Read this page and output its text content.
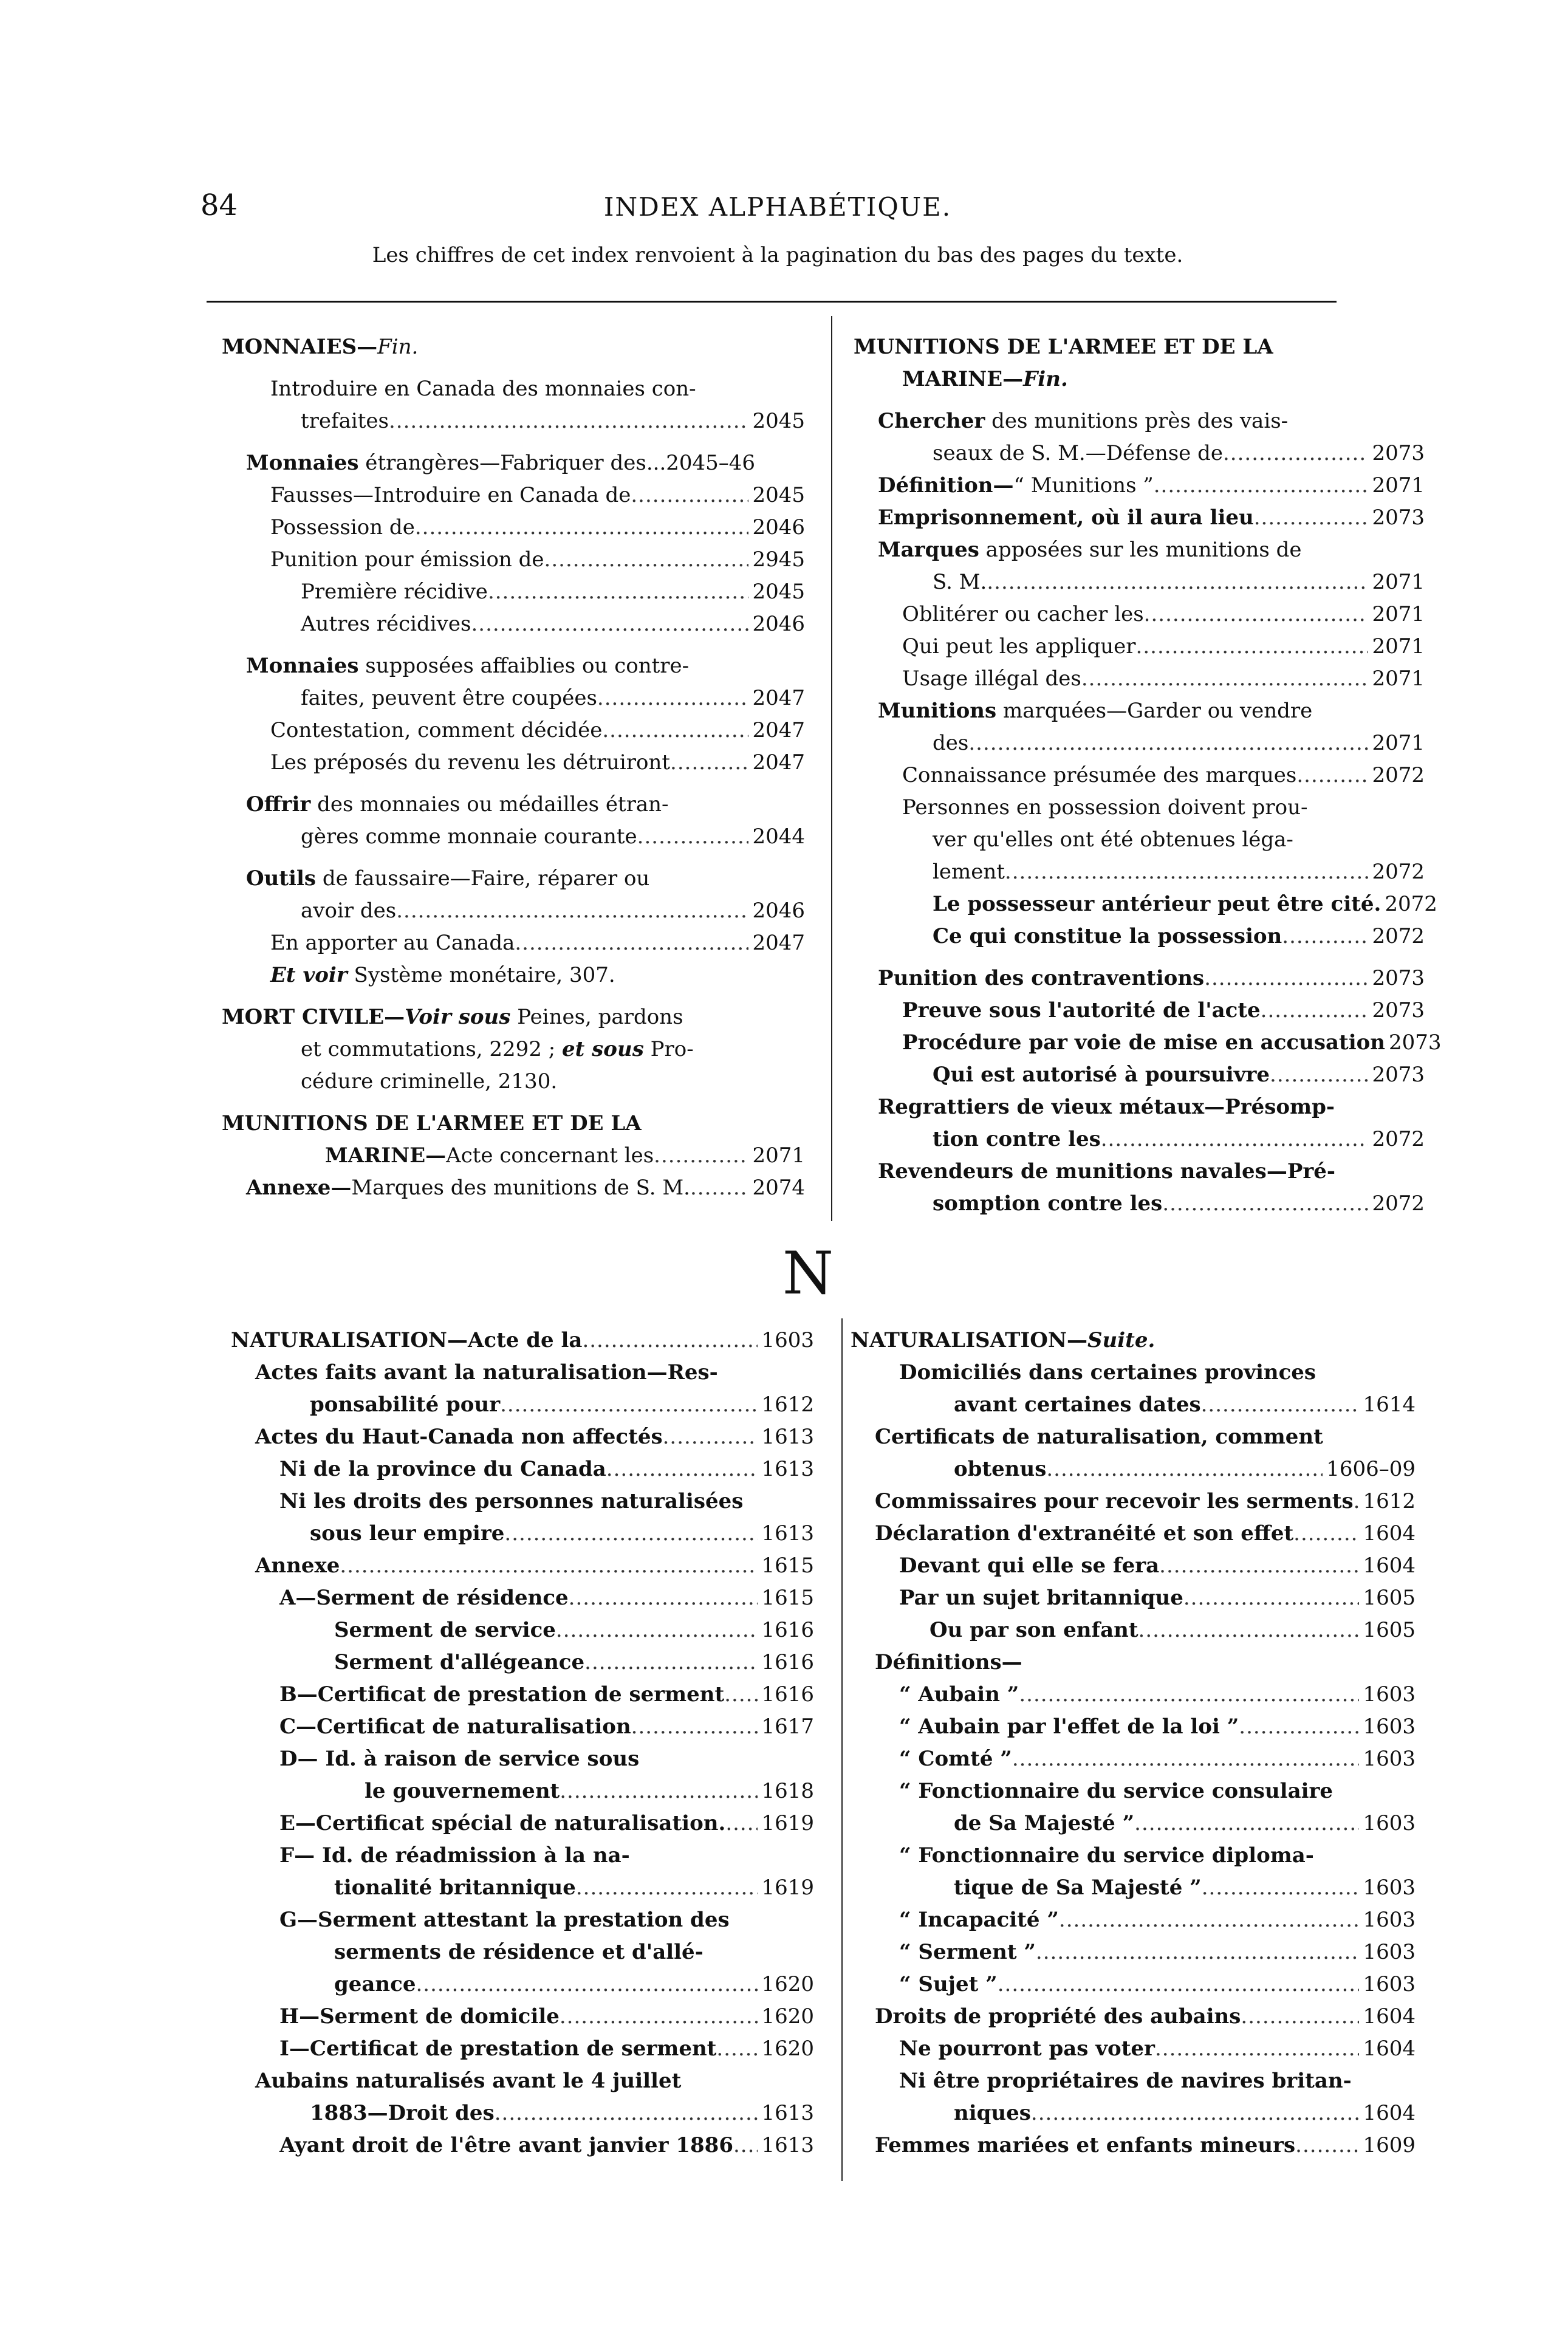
84	INDEX ALPHABÉTIQUE.
Les chiffres de cet index renvoient à la pagination du bas des pages du texte.
MONNAIES—Fin.
Introduire en Canada des monnaies con-
trefaites .....	2045
Monnaies étrangères—Fabriquer des...2045–46
Fausses—Introduire en Canada de .....	2045
Possession de .....	2046
Punition pour émission de .....	2945
Première récidive .....	2045
Autres récidives .....	2046
Monnaies supposées affaiblies ou contre-
faites, peuvent être coupées .....	2047
Contestation, comment décidée .....	2047
Les préposés du revenu les détruiront .....	2047
Offrir des monnaies ou médailles étran-
gères comme monnaie courante .....	2044
Outils de faussaire—Faire, réparer ou
avoir des .....	2046
En apporter au Canada .....	2047
Et voir Système monétaire, 307.
MORT CIVILE—Voir sous Peines, pardons
et commutations, 2292 ; et sous Pro-
cédure criminelle, 2130.
MUNITIONS DE L'ARMEE ET DE LA
MARINE—Acte concernant les .....	2071
Annexe—Marques des munitions de S. M. .....	2074
MUNITIONS DE L'ARMEE ET DE LA
MARINE—Fin.
Chercher des munitions près des vais-
seaux de S. M.—Défense de .....	2073
Définition—“ Munitions ” .....	2071
Emprisonnement, où il aura lieu .....	2073
Marques apposées sur les munitions de
S. M. .....	2071
Oblitérer ou cacher les .....	2071
Qui peut les appliquer .....	2071
Usage illégal des .....	2071
Munitions marquées—Garder ou vendre
des .....	2071
Connaissance présumée des marques .....	2072
Personnes en possession doivent prou-
ver qu'elles ont été obtenues léga-
lement .....	2072
Le possesseur antérieur peut être cité. 2072
Ce qui constitue la possession .....	2072
Punition des contraventions .....	2073
Preuve sous l'autorité de l'acte .....	2073
Procédure par voie de mise en accusation 2073
Qui est autorisé à poursuivre .....	2073
Regrattiers de vieux métaux—Présomp-
tion contre les .....	2072
Revendeurs de munitions navales—Pré-
somption contre les .....	2072
N
NATURALISATION—Acte de la .....	1603
Actes faits avant la naturalisation—Res-
ponsabilité pour .....	1612
Actes du Haut-Canada non affectés .....	1613
Ni de la province du Canada .....	1613
Ni les droits des personnes naturalisées
sous leur empire .....	1613
Annexe .....	1615
A—Serment de résidence .....	1615
Serment de service .....	1616
Serment d'allégeance .....	1616
B—Certificat de prestation de serment ..... 1616
C—Certificat de naturalisation .....	1617
D— Id. à raison de service sous
le gouvernement .....	1618
E—Certificat spécial de naturalisation. ..... 1619
F— Id. de réadmission à la na-
tionalité britannique .....	1619
G—Serment attestant la prestation des
serments de résidence et d'allé-
geance .....	1620
H—Serment de domicile .....	1620
I—Certificat de prestation de serment ..... 1620
Aubains naturalisés avant le 4 juillet
1883—Droit des .....	1613
Ayant droit de l'être avant janvier 1886 ..... 1613
NATURALISATION—Suite.
Domiciliés dans certaines provinces
avant certaines dates .....	1614
Certificats de naturalisation, comment
obtenus .....	1606–09
Commissaires pour recevoir les serments ..... 1612
Déclaration d'extranéité et son effet .....	1604
Devant qui elle se fera .....	1604
Par un sujet britannique .....	1605
Ou par son enfant .....	1605
Définitions—
“ Aubain ” .....	1603
“ Aubain par l'effet de la loi ” .....	1603
“ Comté ” .....	1603
“ Fonctionnaire du service consulaire
de Sa Majesté ” .....	1603
“ Fonctionnaire du service diploma-
tique de Sa Majesté ” .....	1603
“ Incapacité ” .....	1603
“ Serment ” .....	1603
“ Sujet ” .....	1603
Droits de propriété des aubains .....	1604
Ne pourront pas voter .....	1604
Ni être propriétaires de navires britan-
niques .....	1604
Femmes mariées et enfants mineurs .....	1609
